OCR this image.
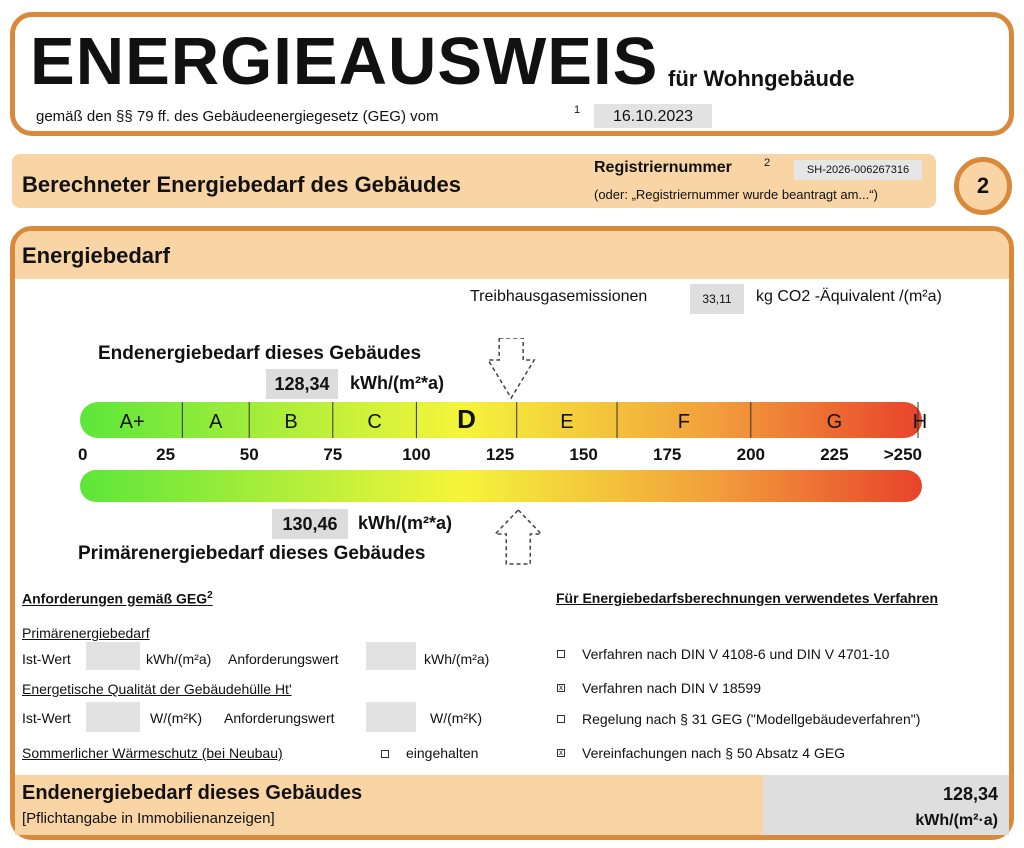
ENERGIEAUSWEIS für Wohngebäude
gemäß den §§ 79 ff. des Gebäudeenergiegesetz (GEG) vom	1	16.10.2023
Berechneter Energiebedarf des Gebäudes
Registriernummer	2
SH-2026-006267316
(oder: „Registriernummer wurde beantragt am...“)	2
Energiebedarf
Treibhausgasemissionen	33,11	kg CO2 -Äquivalent /(m²a)
Endenergiebedarf dieses Gebäudes
128,34	kWh/(m²*a)
A+	A	B	C	D	E	F	G	H
0	25	50	75	100	125	150	175	200	225 >250
130,46	kWh/(m²*a)
Primärenergiebedarf dieses Gebäudes
Anforderungen gemäß GEG$^2$
Primärenergiebedarf
Ist-Wert	kWh/(m²a) Anforderungswert	kWh/(m²a)
Energetische Qualität der Gebäudehülle Ht'
Ist-Wert	W/(m²K) Anforderungswert	W/(m²K)
Sommerlicher Wärmeschutz (bei Neubau)	eingehalten
Für Energiebedarfsberechnungen verwendetes Verfahren
Verfahren nach DIN V 4108-6 und DIN V 4701-10
x Verfahren nach DIN V 18599
Regelung nach § 31 GEG ("Modellgebäudeverfahren")
x Vereinfachungen nach § 50 Absatz 4 GEG
Endenergiebedarf dieses Gebäudes
[Pflichtangabe in Immobilienanzeigen]
128,34
kWh/(m²·a)
